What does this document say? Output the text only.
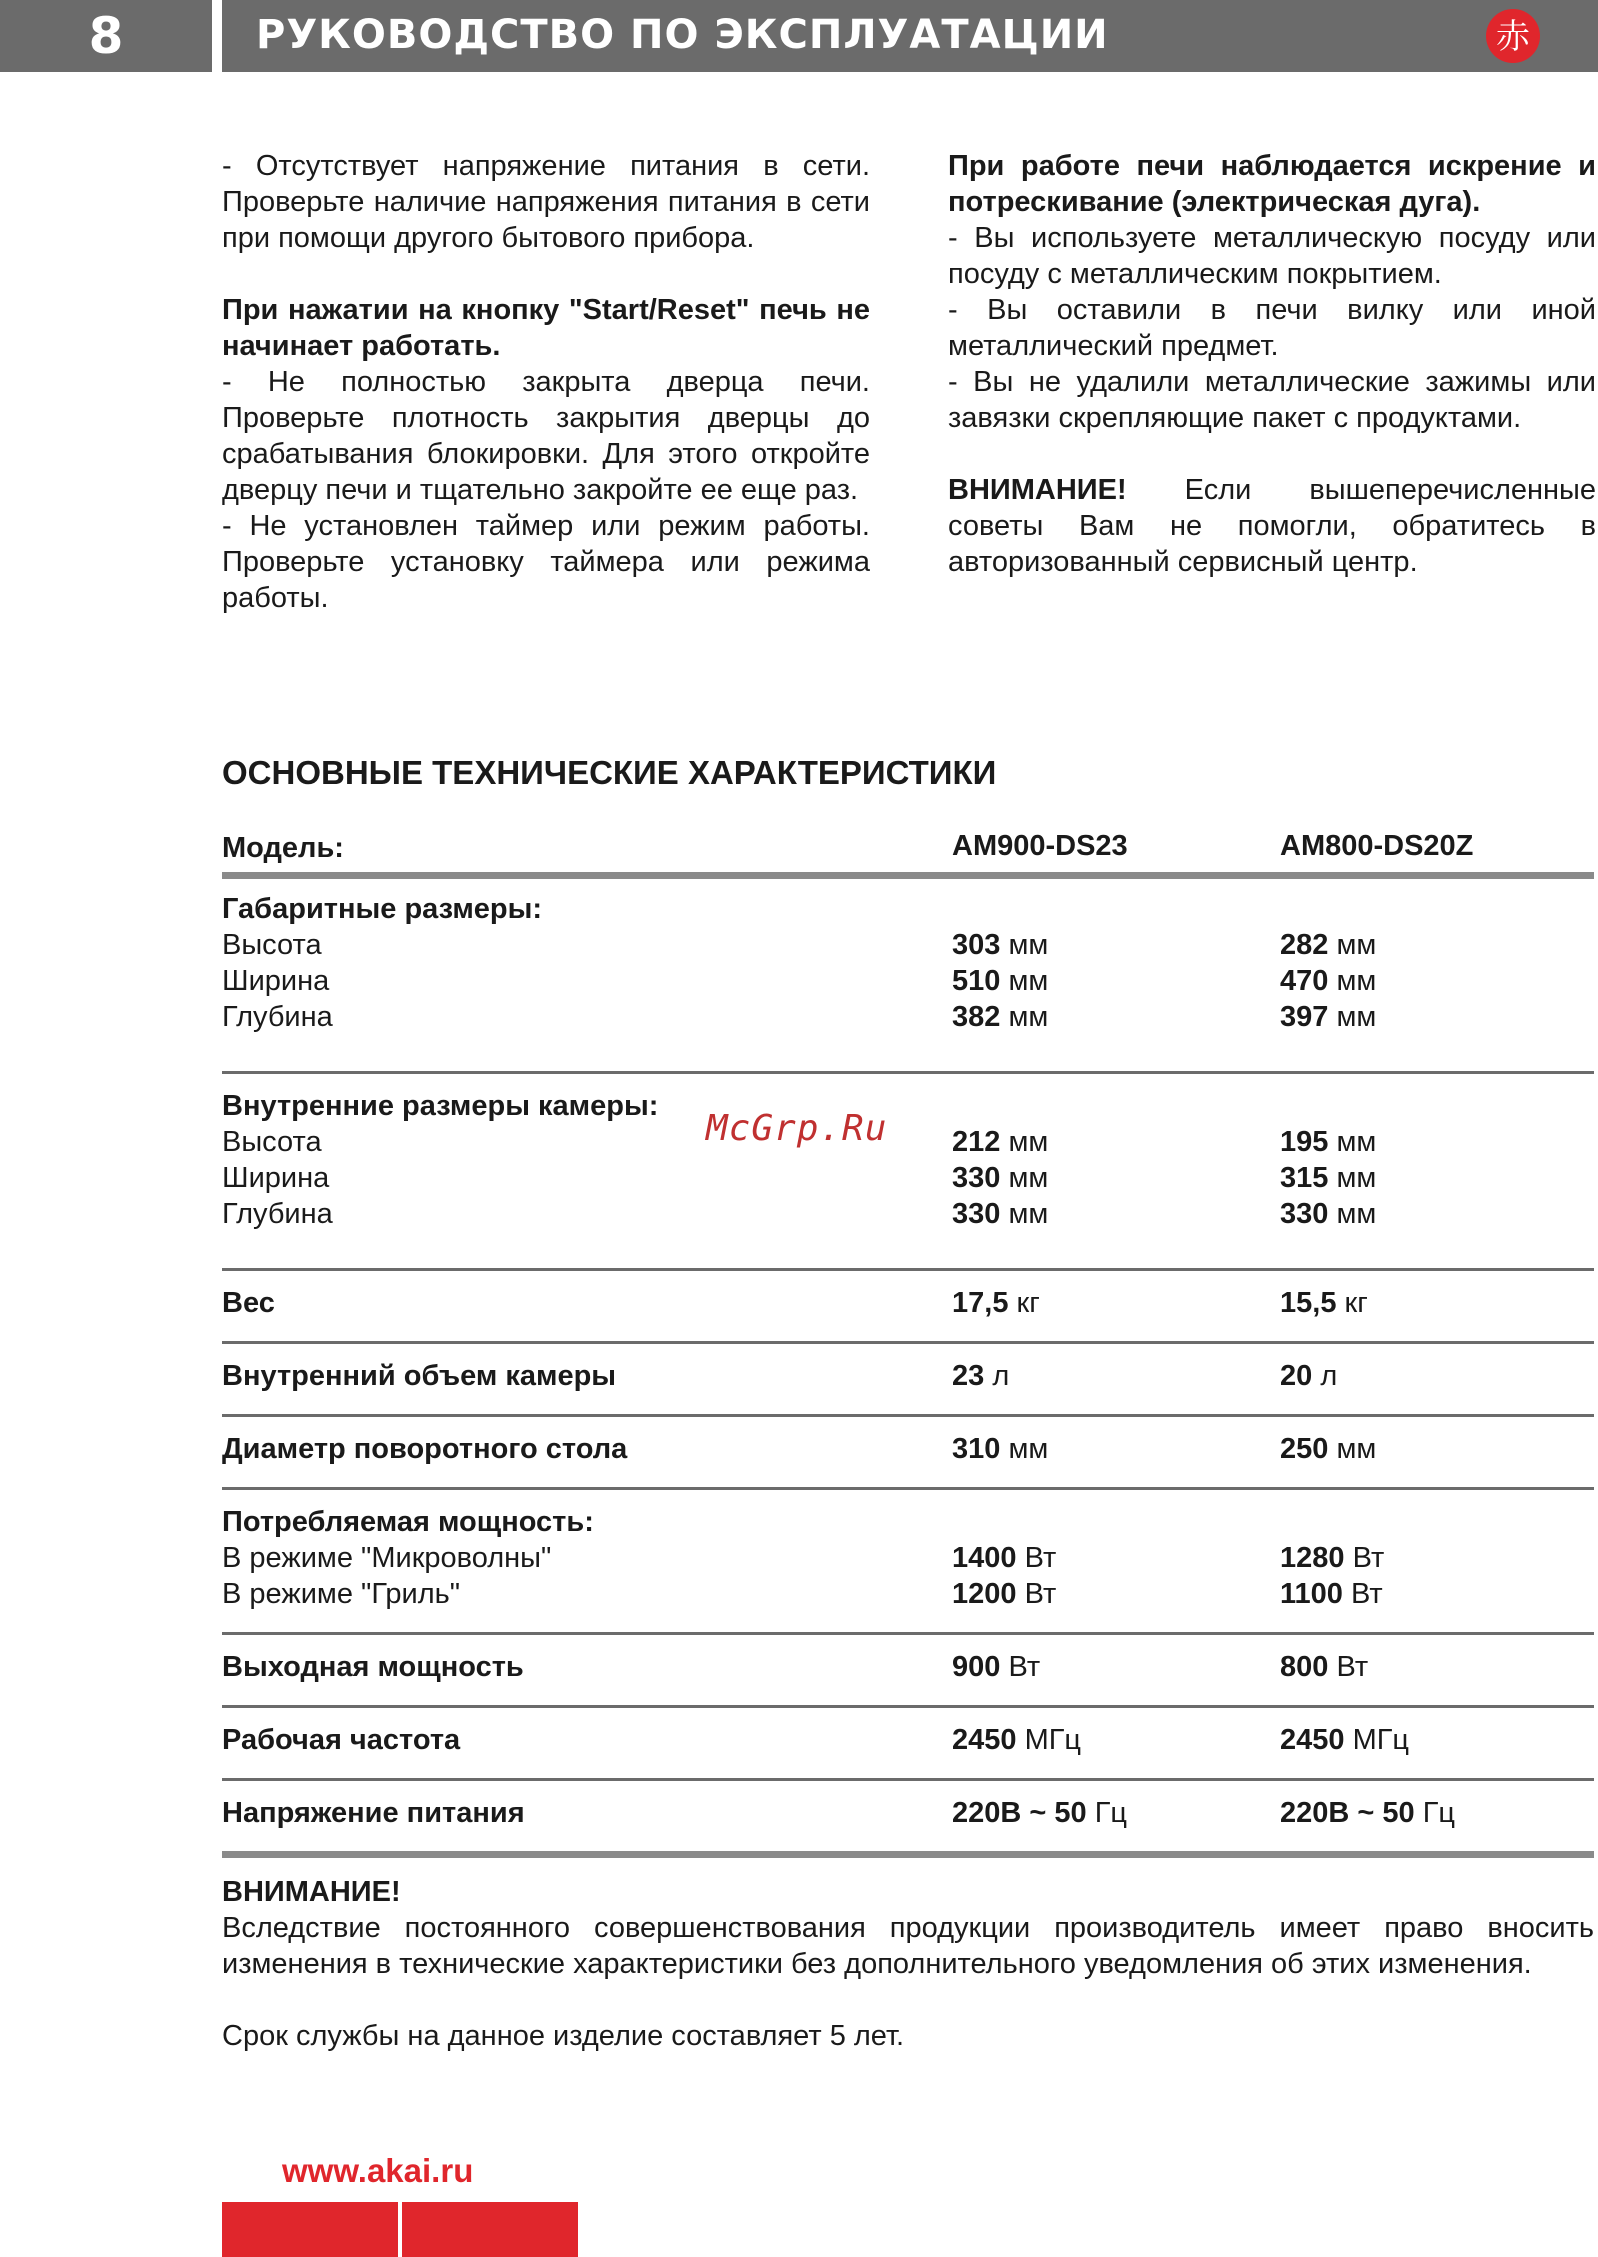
8	РУКОВОДСТВО ПО ЭКСПЛУАТАЦИИ	赤

- Отсутствует напряжение питания в сети. Проверьте наличие напряжения питания в сети при помощи другого бытового прибора.

При нажатии на кнопку "Start/Reset" печь не начинает работать.

- Не полностью закрыта дверца печи. Проверьте плотность закрытия дверцы до срабатывания блокировки. Для этого откройте дверцу печи и тщательно закройте ее еще раз.

- Не установлен таймер или режим работы. Проверьте установку таймера или режима работы.

При работе печи наблюдается искрение и потрескивание (электрическая дуга).

- Вы используете металлическую посуду или посуду с металлическим покрытием.

- Вы оставили в печи вилку или иной металлический предмет.

- Вы не удалили металлические зажимы или завязки скрепляющие пакет с продуктами.

ВНИМАНИЕ! Если вышеперечисленные советы Вам не помогли, обратитесь в авторизованный сервисный центр.

ОСНОВНЫЕ ТЕХНИЧЕСКИЕ ХАРАКТЕРИСТИКИ
Модель:	AM900-DS23	AM800-DS20Z
Габаритные размеры:
Высота	303 мм	282 мм
Ширина	510 мм	470 мм
Глубина	382 мм	397 мм
Внутренние размеры камеры:
Высота	212 мм	195 мм
Ширина	330 мм	315 мм
Глубина	330 мм	330 мм
Вес	17,5 кг	15,5 кг
Внутренний объем камеры	23 л	20 л
Диаметр поворотного стола	310 мм	250 мм
Потребляемая мощность:
В режиме "Микроволны"	1400 Вт	1280 Вт
В режиме "Гриль"	1200 Вт	1100 Вт
Выходная мощность	900 Вт	800 Вт
Рабочая частота	2450 МГц	2450 МГц
Напряжение питания	220В ~ 50 Гц	220В ~ 50 Гц

ВНИМАНИЕ!

Вследствие постоянного совершенствования продукции производитель имеет право вносить изменения в технические характеристики без дополнительного уведомления об этих изменения.

Срок службы на данное изделие составляет 5 лет.

McGrp.Ru
www.akai.ru
